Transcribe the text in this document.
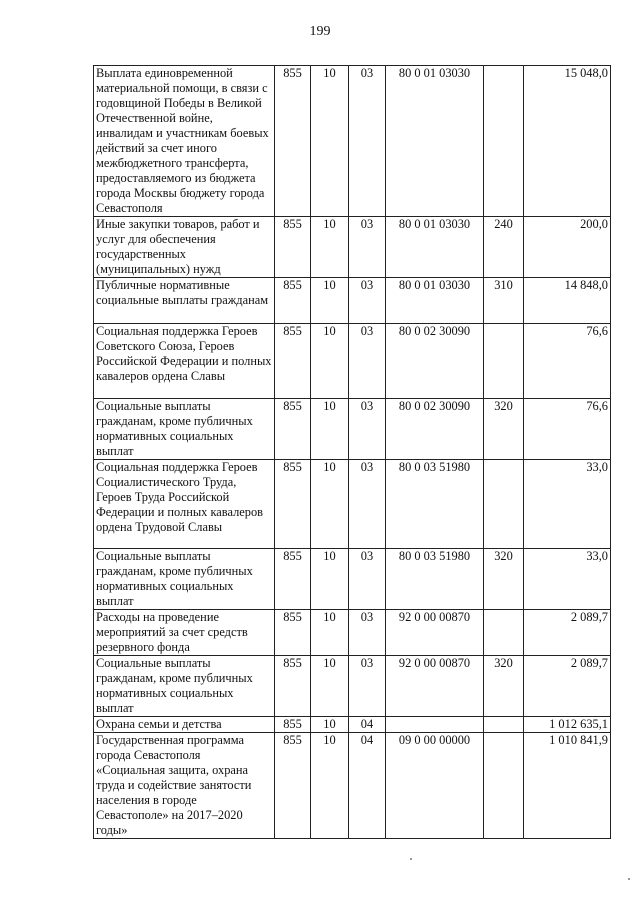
199
Выплата единовременной материальной помощи, в связи с годовщиной Победы в Великой Отечественной войне, инвалидам и участникам боевых действий за счет иного межбюджетного трансферта, предоставляемого из бюджета города Москвы бюджету города Севастополя	855	10	03	80 0 01 03030		15 048,0
Иные закупки товаров, работ и услуг для обеспечения государственных (муниципальных) нужд	855	10	03	80 0 01 03030	240	200,0
Публичные нормативные социальные выплаты гражданам	855	10	03	80 0 01 03030	310	14 848,0
Социальная поддержка Героев Советского Союза, Героев Российской Федерации и полных кавалеров ордена Славы	855	10	03	80 0 02 30090		76,6
Социальные выплаты гражданам, кроме публичных нормативных социальных выплат	855	10	03	80 0 02 30090	320	76,6
Социальная поддержка Героев Социалистического Труда, Героев Труда Российской Федерации и полных кавалеров ордена Трудовой Славы	855	10	03	80 0 03 51980		33,0
Социальные выплаты гражданам, кроме публичных нормативных социальных выплат	855	10	03	80 0 03 51980	320	33,0
Расходы на проведение мероприятий за счет средств резервного фонда	855	10	03	92 0 00 00870		2 089,7
Социальные выплаты гражданам, кроме публичных нормативных социальных выплат	855	10	03	92 0 00 00870	320	2 089,7
Охрана семьи и детства	855	10	04			1 012 635,1
Государственная программа города Севастополя «Социальная защита, охрана труда и содействие занятости населения в городе Севастополе» на 2017–2020 годы»	855	10	04	09 0 00 00000		1 010 841,9
